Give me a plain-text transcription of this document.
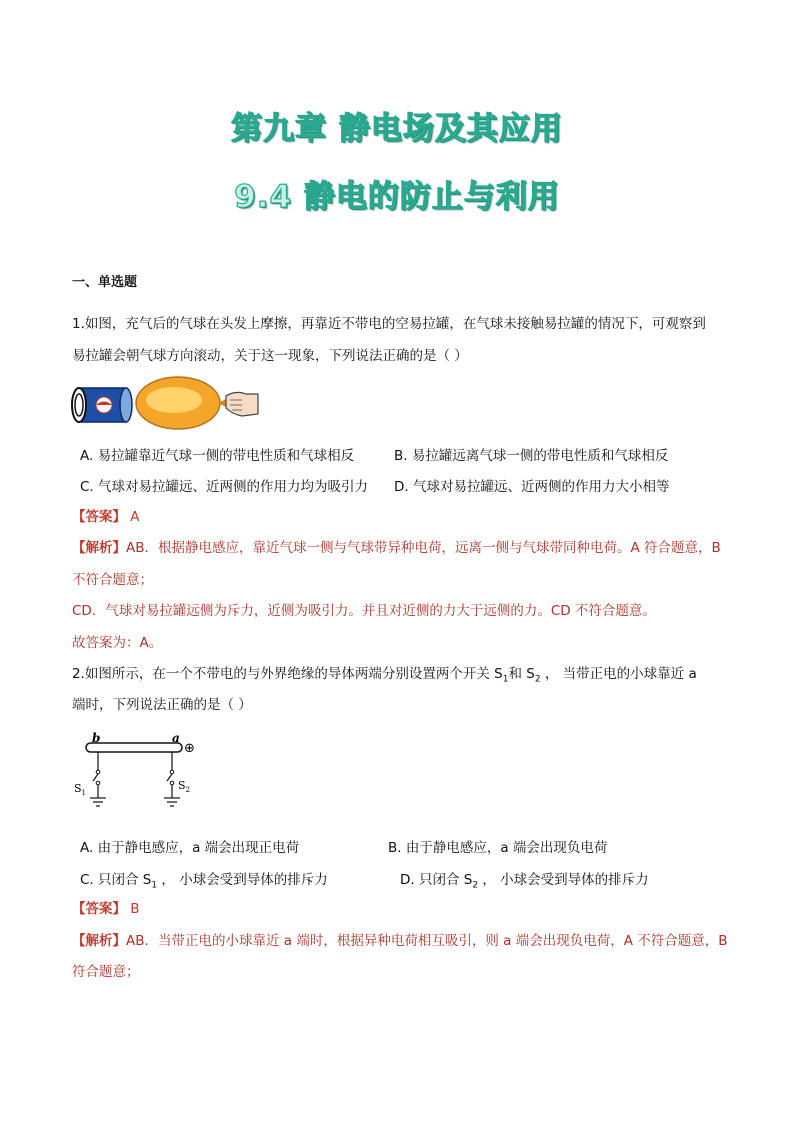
第九章 静电场及其应用
9.4 静电的防止与利用
一、单选题
1.如图，充气后的气球在头发上摩擦，再靠近不带电的空易拉罐，在气球未接触易拉罐的情况下，可观察到
易拉罐会朝气球方向滚动，关于这一现象，下列说法正确的是（ ）
A. 易拉罐靠近气球一侧的带电性质和气球相反	B. 易拉罐远离气球一侧的带电性质和气球相反
C. 气球对易拉罐远、近两侧的作用力均为吸引力 D. 气球对易拉罐远、近两侧的作用力大小相等
【答案】 A
【解析】AB．根据静电感应，靠近气球一侧与气球带异种电荷，远离一侧与气球带同种电荷。A 符合题意，B
不符合题意；
CD．气球对易拉罐远侧为斥力，近侧为吸引力。并且对近侧的力大于远侧的力。CD 不符合题意。
故答案为：A。
2.如图所示，在一个不带电的与外界绝缘的导体两端分别设置两个开关 $S_1$和 $S_2$ ， 当带正电的小球靠近 a
端时，下列说法正确的是（ ）
b	a
⊕
$S_1$
$S_2$
A. 由于静电感应，a 端会出现正电荷	B. 由于静电感应，a 端会出现负电荷
C. 只闭合 $S_1$ ， 小球会受到导体的排斥力	D. 只闭合 $S_2$ ， 小球会受到导体的排斥力
【答案】 B
【解析】AB．当带正电的小球靠近 a 端时，根据异种电荷相互吸引，则 a 端会出现负电荷，A 不符合题意，B
符合题意；
